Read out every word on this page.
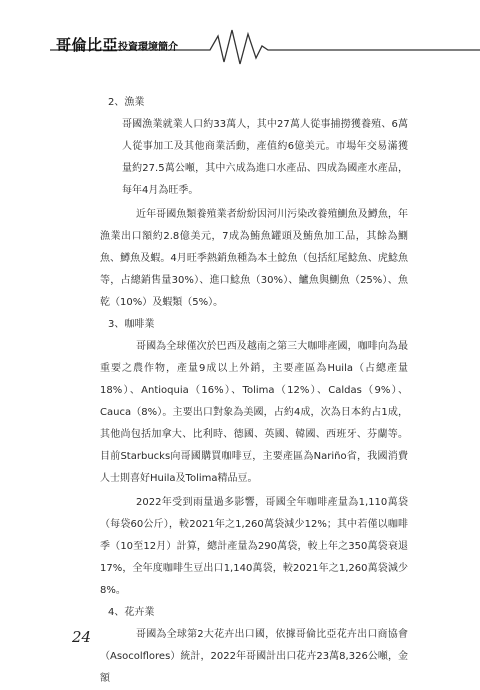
哥倫比亞投資環境簡介
2、漁業

哥國漁業就業人口約33萬人，其中27萬人從事捕撈獲養殖、6萬人從事加工及其他商業活動，產值約6億美元。市場年交易滿獲量約27.5萬公噸，其中六成為進口水產品、四成為國產水產品，每年4月為旺季。

近年哥國魚類養殖業者紛紛因河川污染改養殖鰂魚及鱒魚，年漁業出口額約2.8億美元，7成為鮪魚罐頭及鮪魚加工品，其餘為鰂魚、鱒魚及蝦。4月旺季熱銷魚種為本土鯰魚（包括紅尾鯰魚、虎鯰魚等，占總銷售量30%）、進口鯰魚（30%）、鱸魚與鰂魚（25%）、魚乾（10%）及蝦類（5%）。

3、咖啡業

哥國為全球僅次於巴西及越南之第三大咖啡產國，咖啡向為最重要之農作物，產量9成以上外銷，主要產區為Huila（占總產量18%）、Antioquia（16%）、Tolima（12%）、Caldas（9%）、Cauca（8%）。主要出口對象為美國，占約4成，次為日本約占1成，其他尚包括加拿大、比利時、德國、英國、韓國、西班牙、芬蘭等。目前Starbucks向哥國購買咖啡豆，主要產區為Nariño省，我國消費人士則喜好Huila及Tolima精品豆。

2022年受到雨量過多影響，哥國全年咖啡產量為1,110萬袋（每袋60公斤），較2021年之1,260萬袋減少12%；其中若僅以咖啡季（10至12月）計算，總計產量為290萬袋，較上年之350萬袋衰退17%，全年度咖啡生豆出口1,140萬袋，較2021年之1,260萬袋減少8%。

4、花卉業

哥國為全球第2大花卉出口國，依據哥倫比亞花卉出口商協會（Asocolflores）統計，2022年哥國計出口花卉23萬8,326公噸，金額

24
